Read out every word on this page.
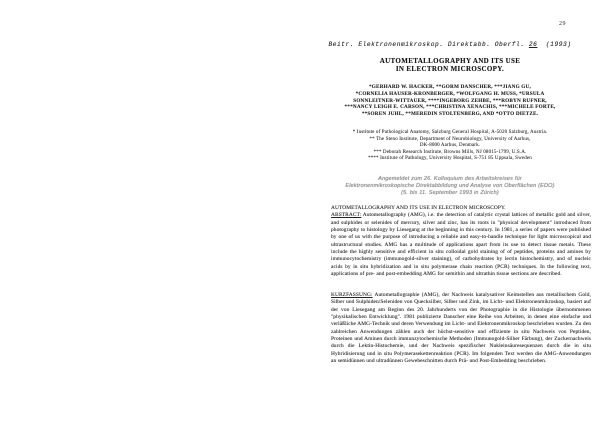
29
Beitr. Elektronenmikroskop. Direktabb. Oberfl. 26 (1993)
AUTOMETALLOGRAPHY AND ITS USE
IN ELECTRON MICROSCOPY.
*GERHARD W. HACKER, **GORM DANSCHER, ***JIANG GU,
*CORNELIA HAUSER-KRONBERGER, *WOLFGANG H. MUSS, *URSULA
SONNLEITNER-WITTAUER, ****INGEBORG ZEHBE, ***ROBYN RUFNER,
***NANCY LEIGH E. CARSON, ***CHRISTINA XENACHIS, ***MICHELE FORTE,
**SOREN JUHL, **MEREDIN STOLTENBERG, AND *OTTO DIETZE.
* Institute of Pathological Anatomy, Salzburg General Hospital, A-5020 Salzburg, Austria.
** The Steno Institute, Department of Neurobiology, University of Aarhus,
DK-8000 Aarhus, Denmark.
*** Deborah Research Institute, Browns Mills, NJ 08015-1799, U.S.A.
**** Institute of Pathology, University Hospital, S-751 85 Uppsala, Sweden
Angemeldet zum 26. Kolloquium des Arbeitskreises für
Elektronenmikroskopische Direktabbildung und Analyse von Oberflächen (EDO)
(5. bis 11. September 1993 in Zürich)
AUTOMETALLOGRAPHY AND ITS USE IN ELECTRON MICROSCOPY.
ABSTRACT: Autometallography (AMG), i.e. the detection of catalytic crystal lattices of metallic gold and silver, and sulphides or selenides of mercury, silver and zinc, has its roots in "physical development" introduced from photography to histology by Liesegang at the beginning in this century. In 1981, a series of papers were published by one of us with the purpose of introducing a reliable and easy-to-handle technique for light microscopical and ultrastructural studies. AMG has a multitude of applications apart from its use to detect tissue metals. These include the highly sensitive and efficient in situ colloidal gold staining of of peptides, proteins and amines by immunocytochemistry (immunogold-silver staining), of carbohydrates by lectin histochemistry, and of nucleic acids by in situ hybridization and in situ polymerase chain reaction (PCR) techniques. In the following text, applications of pre- and post-embedding AMG for semithin and ultrathin tissue sections are described.
KURZFASSUNG: Autometallographie (AMG), der Nachweis katalysativer Keimstellen aus metallischem Gold, Silber und Sulphiden/Seleniden von Quecksilber, Silber und Zink, im Licht- und Elektronenmikroskop, basiert auf der von Liesegang am Beginn des 20. Jahrhunderts von der Photographie in die Histologie übernommenen "physikalischen Entwicklung". 1981 publizierte Danscher eine Reihe von Arbeiten, in denen eine einfache und verläßliche AMG-Technik und deren Verwendung im Licht- und Elektronenmikroskop beschrieben wurden. Zu den zahlreichen Anwendungen zählen auch der höchst-sensitive und effiziente in situ Nachweis von Peptiden, Proteinen und Aminen durch immunzytochemische Methoden (Immunogold-Silber Färbung), der Zuckernachweis durch die Lektin-Histochemie, und der Nachweis spezifischer Nukleinsäuresequenzen durch die in situ Hybridisierung und in situ Polymerasekettenreaktion (PCR). Im folgenden Text werden die AMG-Anwendungen an semidünnen und ultradünnen Gewebeschnitten durch Prä- und Post-Embedding beschrieben.
